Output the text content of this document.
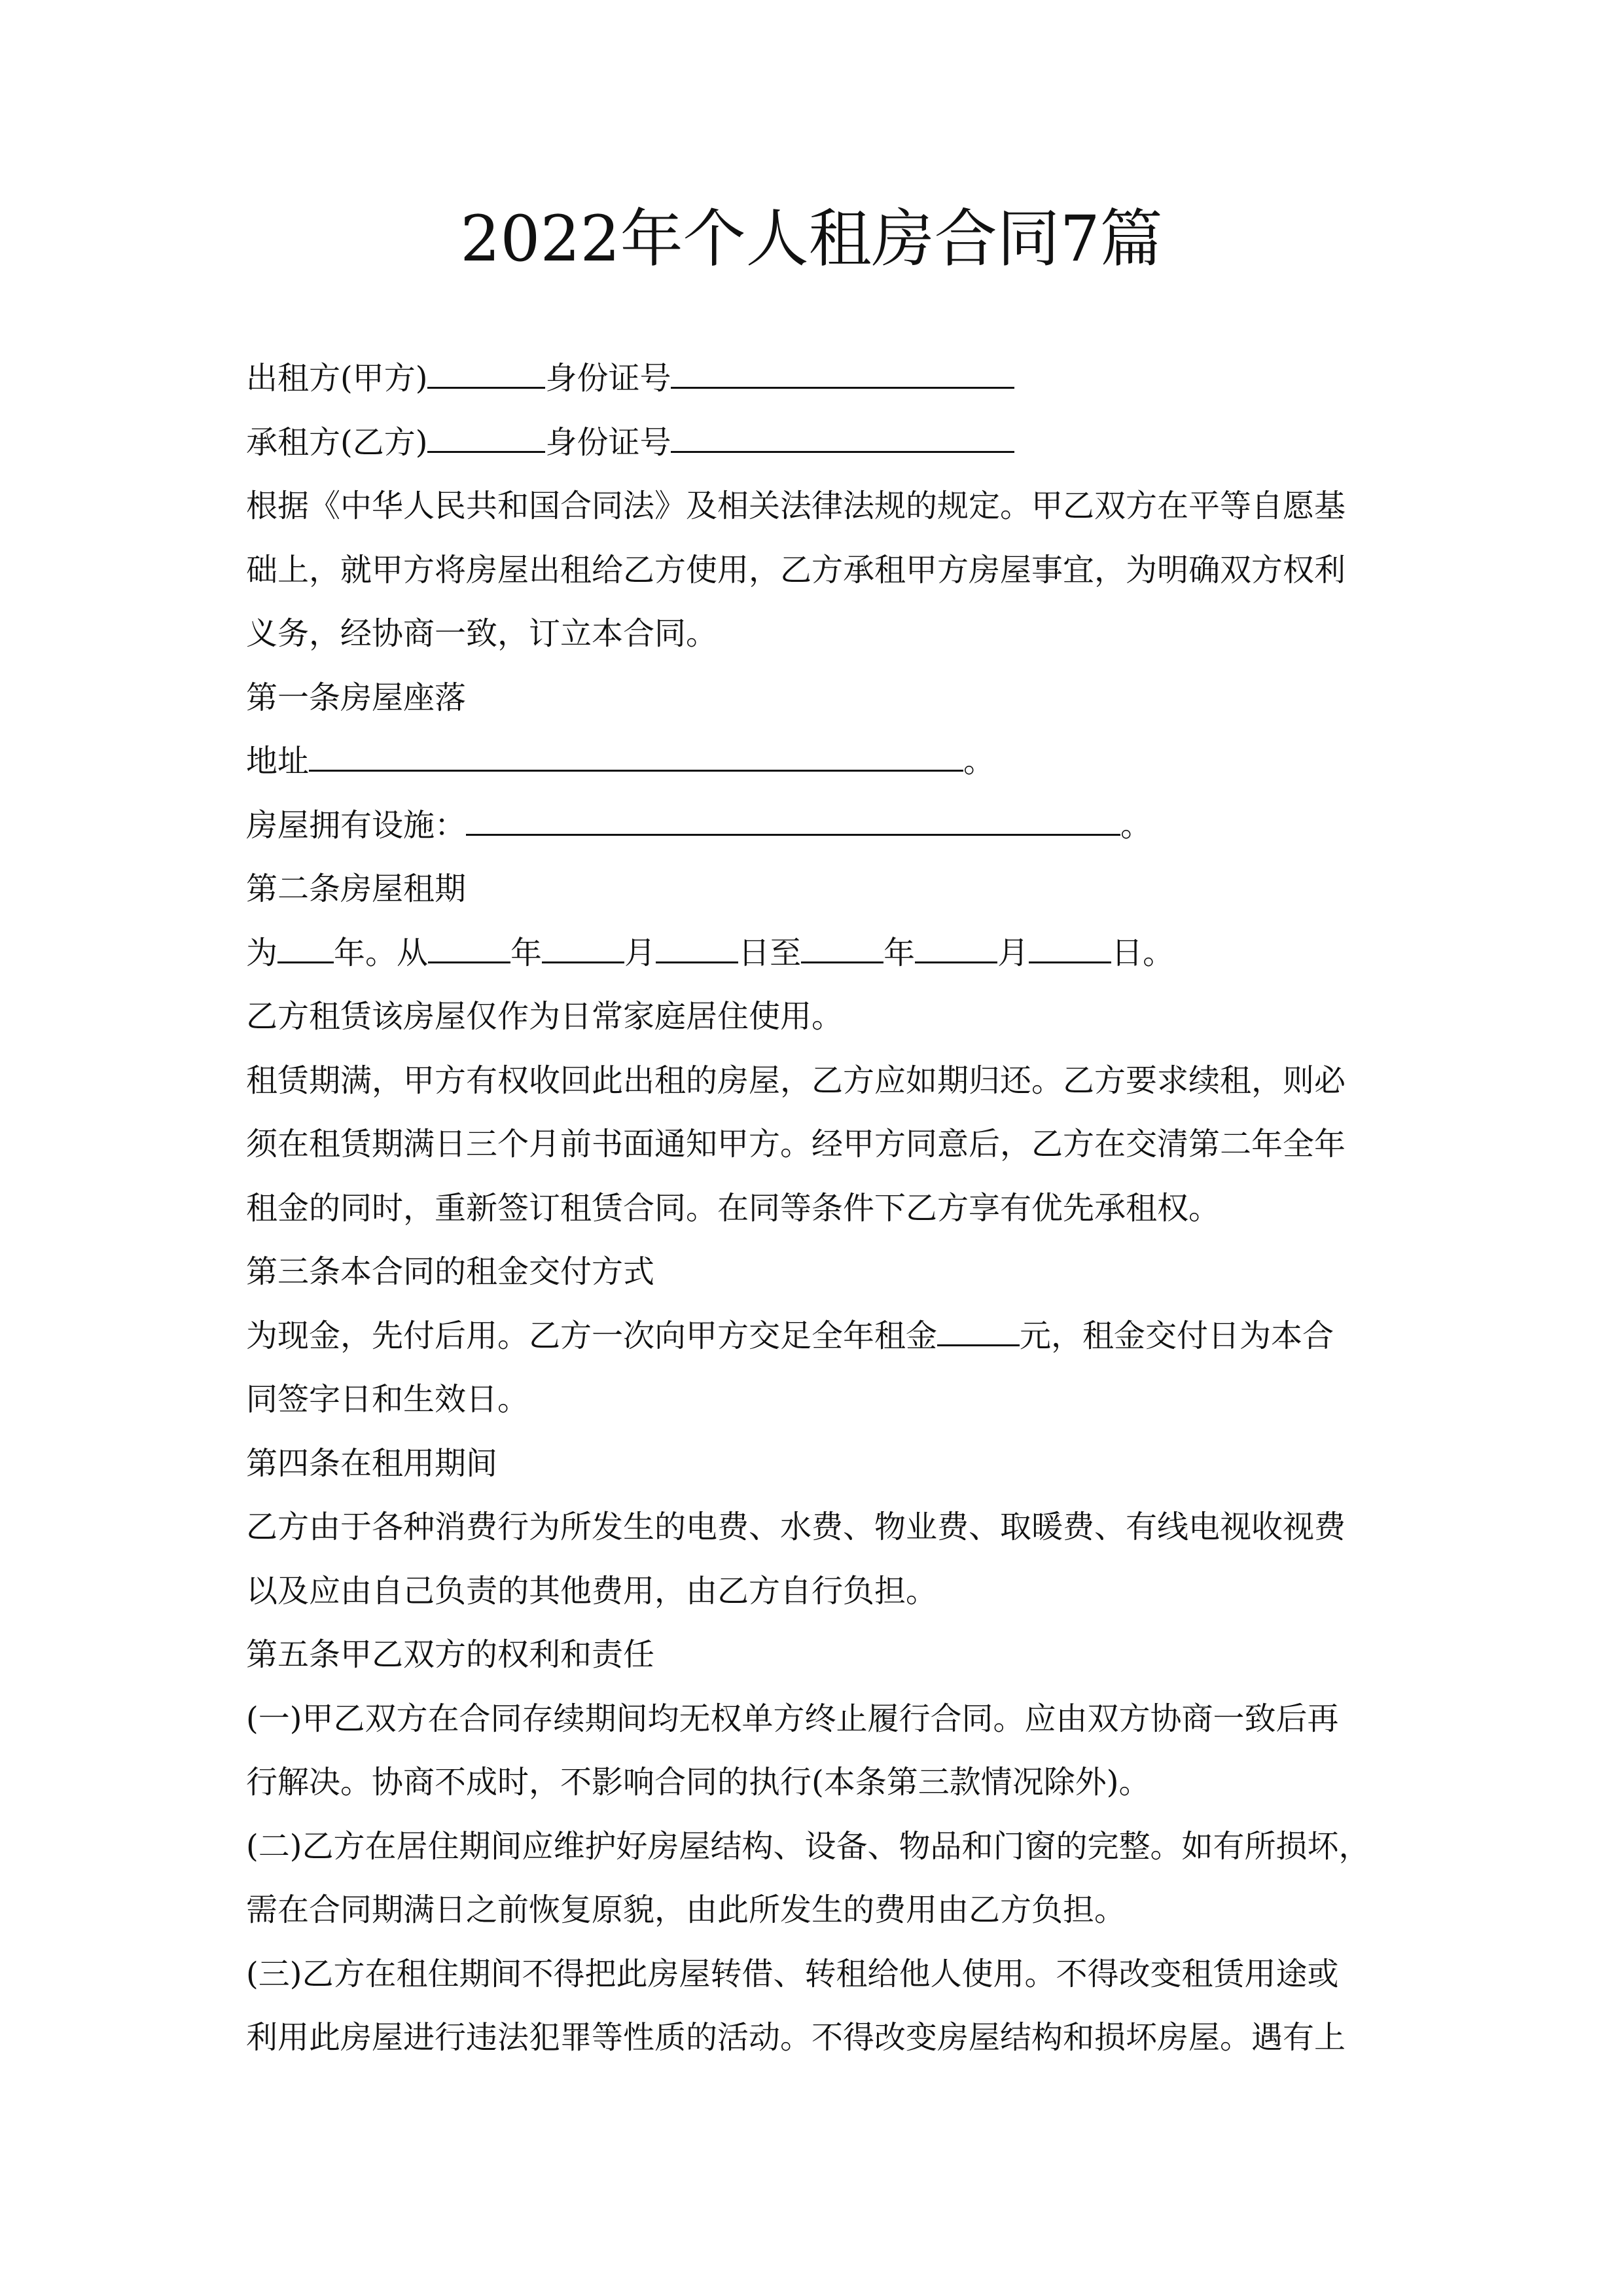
2022年个人租房合同7篇
出租方(甲方)	身份证号
承租方(乙方)	身份证号
根据《中华人民共和国合同法》及相关法律法规的规定。甲乙双方在平等自愿基
础上，就甲方将房屋出租给乙方使用，乙方承租甲方房屋事宜，为明确双方权利
义务，经协商一致，订立本合同。
第一条房屋座落
地址	。
房屋拥有设施：	。
第二条房屋租期
为 年。从	年	月	日至	年	月	日。
乙方租赁该房屋仅作为日常家庭居住使用。
租赁期满，甲方有权收回此出租的房屋，乙方应如期归还。乙方要求续租，则必
须在租赁期满日三个月前书面通知甲方。经甲方同意后，乙方在交清第二年全年
租金的同时，重新签订租赁合同。在同等条件下乙方享有优先承租权。
第三条本合同的租金交付方式
为现金，先付后用。乙方一次向甲方交足全年租金	元，租金交付日为本合
同签字日和生效日。
第四条在租用期间
乙方由于各种消费行为所发生的电费、水费、物业费、取暖费、有线电视收视费
以及应由自己负责的其他费用，由乙方自行负担。
第五条甲乙双方的权利和责任
(一)甲乙双方在合同存续期间均无权单方终止履行合同。应由双方协商一致后再
行解决。协商不成时，不影响合同的执行(本条第三款情况除外)。
(二)乙方在居住期间应维护好房屋结构、设备、物品和门窗的完整。如有所损坏，
需在合同期满日之前恢复原貌，由此所发生的费用由乙方负担。
(三)乙方在租住期间不得把此房屋转借、转租给他人使用。不得改变租赁用途或
利用此房屋进行违法犯罪等性质的活动。不得改变房屋结构和损坏房屋。遇有上
